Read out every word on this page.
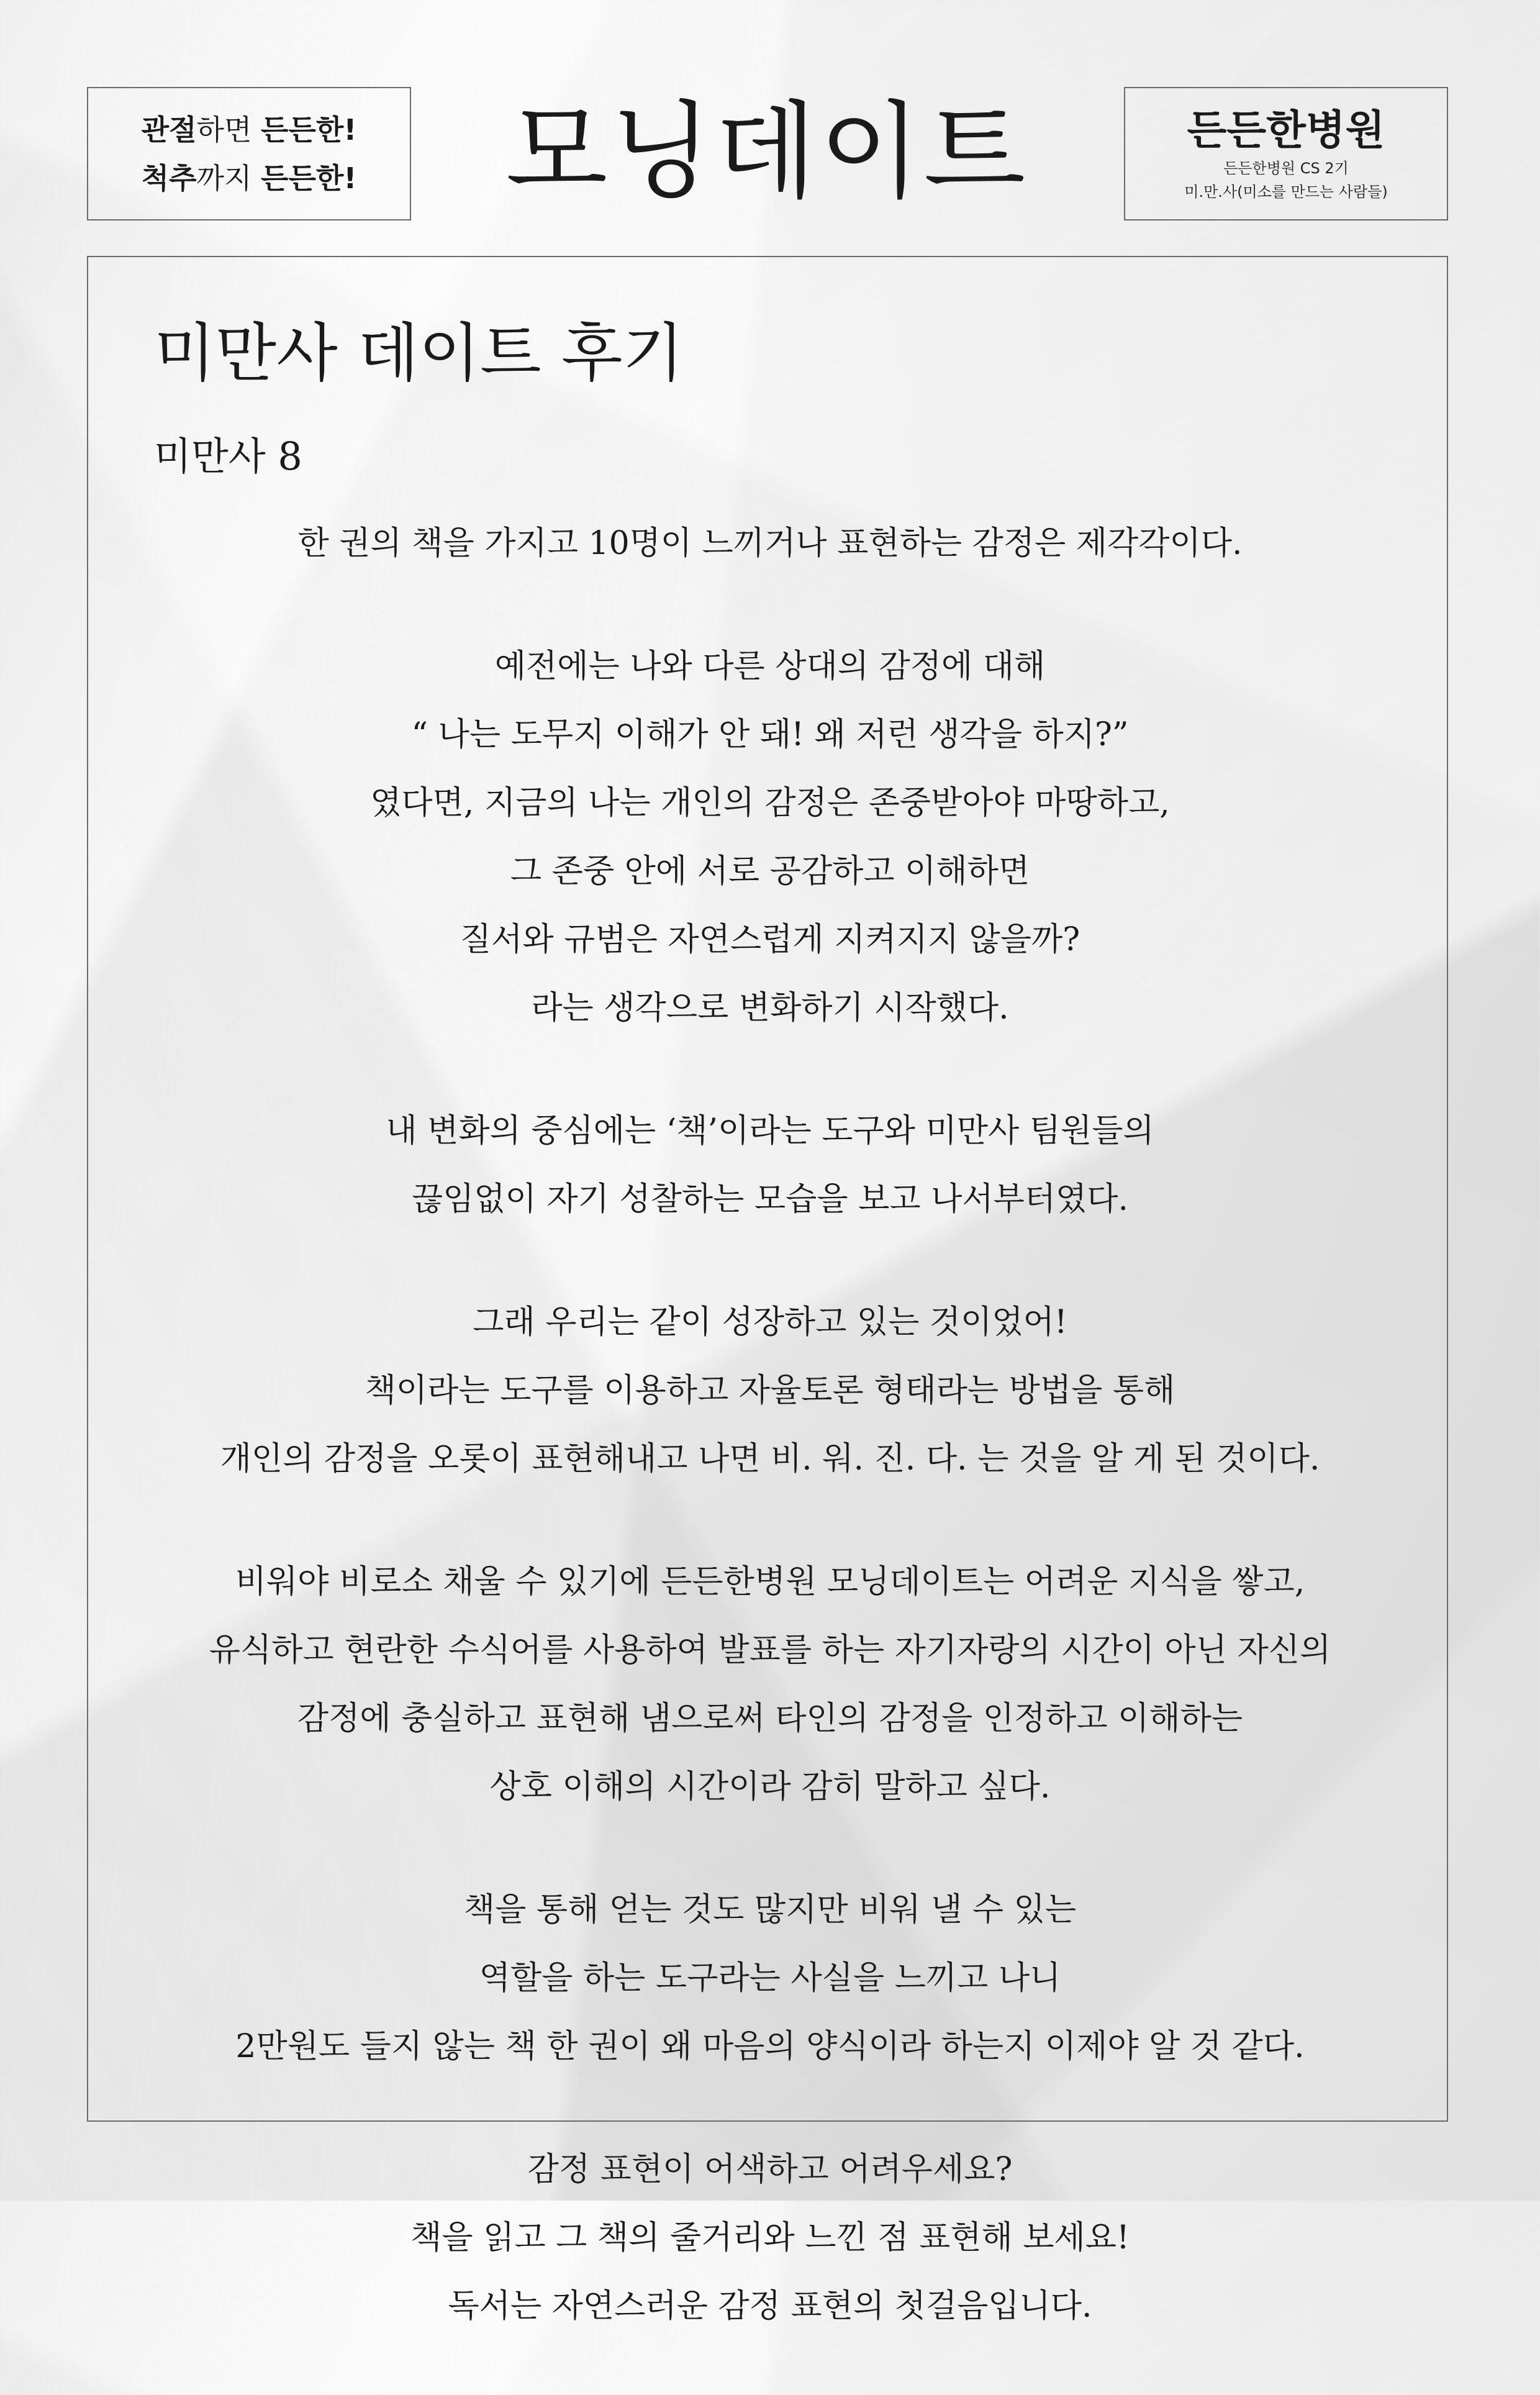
관절하면 든든한!
척추까지 든든한!	모닝데이트	든든한병원
든든한병원 CS 2기
미.만.사(미소를 만드는 사람들)
미만사 데이트 후기
미만사 8
한 권의 책을 가지고 10명이 느끼거나 표현하는 감정은 제각각이다.
예전에는 나와 다른 상대의 감정에 대해
“ 나는 도무지 이해가 안 돼! 왜 저런 생각을 하지?”
였다면, 지금의 나는 개인의 감정은 존중받아야 마땅하고,
그 존중 안에 서로 공감하고 이해하면
질서와 규범은 자연스럽게 지켜지지 않을까?
라는 생각으로 변화하기 시작했다.
내 변화의 중심에는 ‘책’이라는 도구와 미만사 팀원들의
끊임없이 자기 성찰하는 모습을 보고 나서부터였다.
그래 우리는 같이 성장하고 있는 것이었어!
책이라는 도구를 이용하고 자율토론 형태라는 방법을 통해
개인의 감정을 오롯이 표현해내고 나면 비. 워. 진. 다. 는 것을 알 게 된 것이다.
비워야 비로소 채울 수 있기에 든든한병원 모닝데이트는 어려운 지식을 쌓고,
유식하고 현란한 수식어를 사용하여 발표를 하는 자기자랑의 시간이 아닌 자신의
감정에 충실하고 표현해 냄으로써 타인의 감정을 인정하고 이해하는
상호 이해의 시간이라 감히 말하고 싶다.
책을 통해 얻는 것도 많지만 비워 낼 수 있는
역할을 하는 도구라는 사실을 느끼고 나니
2만원도 들지 않는 책 한 권이 왜 마음의 양식이라 하는지 이제야 알 것 같다.
감정 표현이 어색하고 어려우세요?
책을 읽고 그 책의 줄거리와 느낀 점 표현해 보세요!
독서는 자연스러운 감정 표현의 첫걸음입니다.
